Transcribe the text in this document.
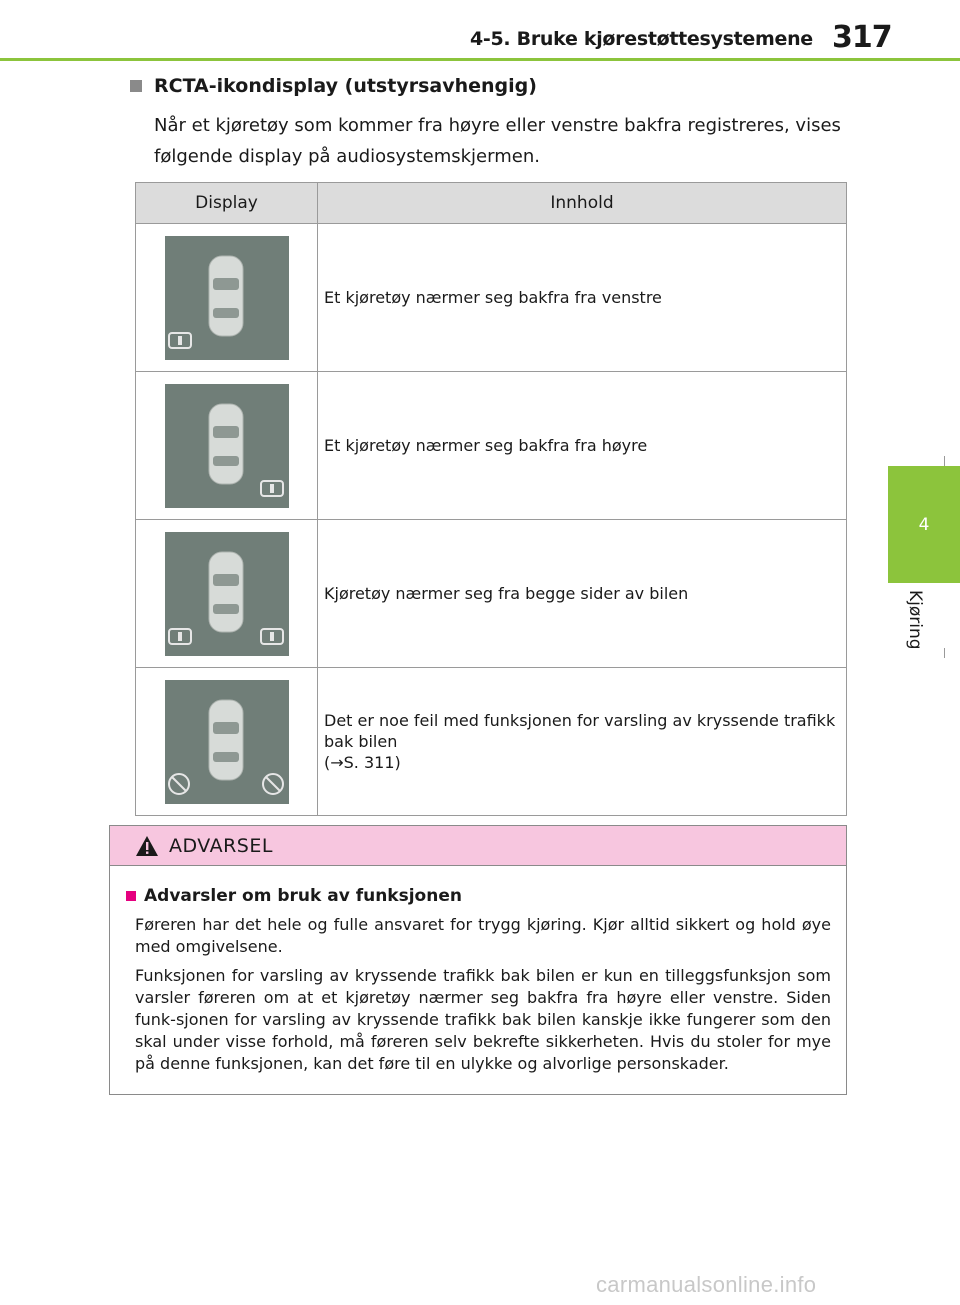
4-5. Bruke kjørestøttesystemene 317
4
Kjøring
RCTA-ikondisplay (utstyrsavhengig)
Når et kjøretøy som kommer fra høyre eller venstre bakfra registreres, vises følgende display på audiosystemskjermen.
Display	Innhold

	Et kjøretøy nærmer seg bakfra fra venstre

	Et kjøretøy nærmer seg bakfra fra høyre

	Kjøretøy nærmer seg fra begge sider av bilen

Det er noe feil med funksjonen for varsling av kryssende trafikk bak bilen
(→S. 311)
ADVARSEL
Advarsler om bruk av funksjonen
Føreren har det hele og fulle ansvaret for trygg kjøring. Kjør alltid sikkert og hold øye med omgivelsene.
Funksjonen for varsling av kryssende trafikk bak bilen er kun en tilleggsfunksjon som varsler føreren om at et kjøretøy nærmer seg bakfra fra høyre eller venstre. Siden funk-sjonen for varsling av kryssende trafikk bak bilen kanskje ikke fungerer som den skal under visse forhold, må føreren selv bekrefte sikkerheten. Hvis du stoler for mye på denne funksjonen, kan det føre til en ulykke og alvorlige personskader.
carmanualsonline.info
